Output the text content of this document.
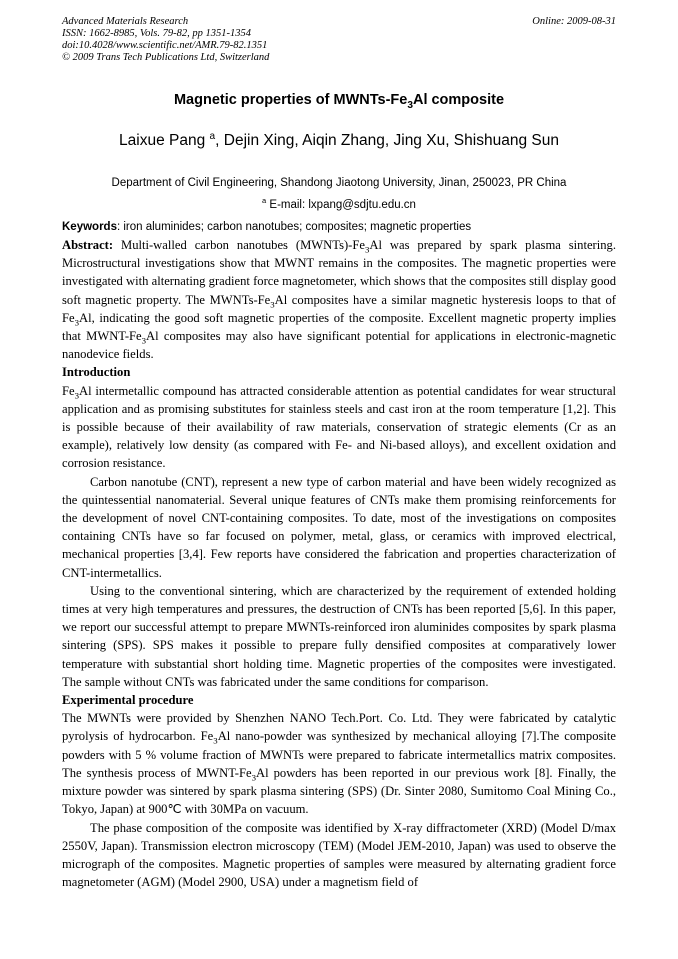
Advanced Materials Research
ISSN: 1662-8985, Vols. 79-82, pp 1351-1354
doi:10.4028/www.scientific.net/AMR.79-82.1351
© 2009 Trans Tech Publications Ltd, Switzerland
Online: 2009-08-31
Magnetic properties of MWNTs-$Fe_3Al$ composite
Laixue Pang $^a$, Dejin Xing, Aiqin Zhang, Jing Xu, Shishuang Sun
Department of Civil Engineering, Shandong Jiaotong University, Jinan, 250023, PR China
$^a$ E-mail: lxpang@sdjtu.edu.cn
Keywords: iron aluminides; carbon nanotubes; composites; magnetic properties

Abstract: Multi-walled carbon nanotubes $(MWNTs)-Fe_3Al$ was prepared by spark plasma sintering. Microstructural investigations show that MWNT remains in the composites. The magnetic properties were investigated with alternating gradient force magnetometer, which shows that the composites still display good soft magnetic property. The MWNTs-$Fe_3Al$ composites have a similar magnetic hysteresis loops to that of $Fe_3Al$, indicating the good soft magnetic properties of the composite. Excellent magnetic property implies that MWNT-$Fe_3Al$ composites may also have significant potential for applications in electronic-magnetic nanodevice fields.

Introduction

$Fe_3Al$ intermetallic compound has attracted considerable attention as potential candidates for wear structural application and as promising substitutes for stainless steels and cast iron at the room temperature [1,2]. This is possible because of their availability of raw materials, conservation of strategic elements (Cr as an example), relatively low density (as compared with Fe- and Ni-based alloys), and excellent oxidation and corrosion resistance.

Carbon nanotube (CNT), represent a new type of carbon material and have been widely recognized as the quintessential nanomaterial. Several unique features of CNTs make them promising reinforcements for the development of novel CNT-containing composites. To date, most of the investigations on composites containing CNTs have so far focused on polymer, metal, glass, or ceramics with improved electrical, mechanical properties [3,4]. Few reports have considered the fabrication and properties characterization of CNT-intermetallics.

Using to the conventional sintering, which are characterized by the requirement of extended holding times at very high temperatures and pressures, the destruction of CNTs has been reported [5,6]. In this paper, we report our successful attempt to prepare MWNTs-reinforced iron aluminides composites by spark plasma sintering (SPS). SPS makes it possible to prepare fully densified composites at comparatively lower temperature with substantial short holding time. Magnetic properties of the composites were investigated. The sample without CNTs was fabricated under the same conditions for comparison.

Experimental procedure

The MWNTs were provided by Shenzhen NANO Tech.Port. Co. Ltd. They were fabricated by catalytic pyrolysis of hydrocarbon. $Fe_3Al$ nano-powder was synthesized by mechanical alloying [7].The composite powders with 5 % volume fraction of MWNTs were prepared to fabricate intermetallics matrix composites. The synthesis process of MWNT-$Fe_3Al$ powders has been reported in our previous work [8]. Finally, the mixture powder was sintered by spark plasma sintering (SPS) (Dr. Sinter 2080, Sumitomo Coal Mining Co., Tokyo, Japan) at 900℃ with 30MPa on vacuum.

The phase composition of the composite was identified by X-ray diffractometer (XRD) (Model D/max 2550V, Japan). Transmission electron microscopy (TEM) (Model JEM-2010, Japan) was used to observe the micrograph of the composites. Magnetic properties of samples were measured by alternating gradient force magnetometer (AGM) (Model 2900, USA) under a magnetism field of
